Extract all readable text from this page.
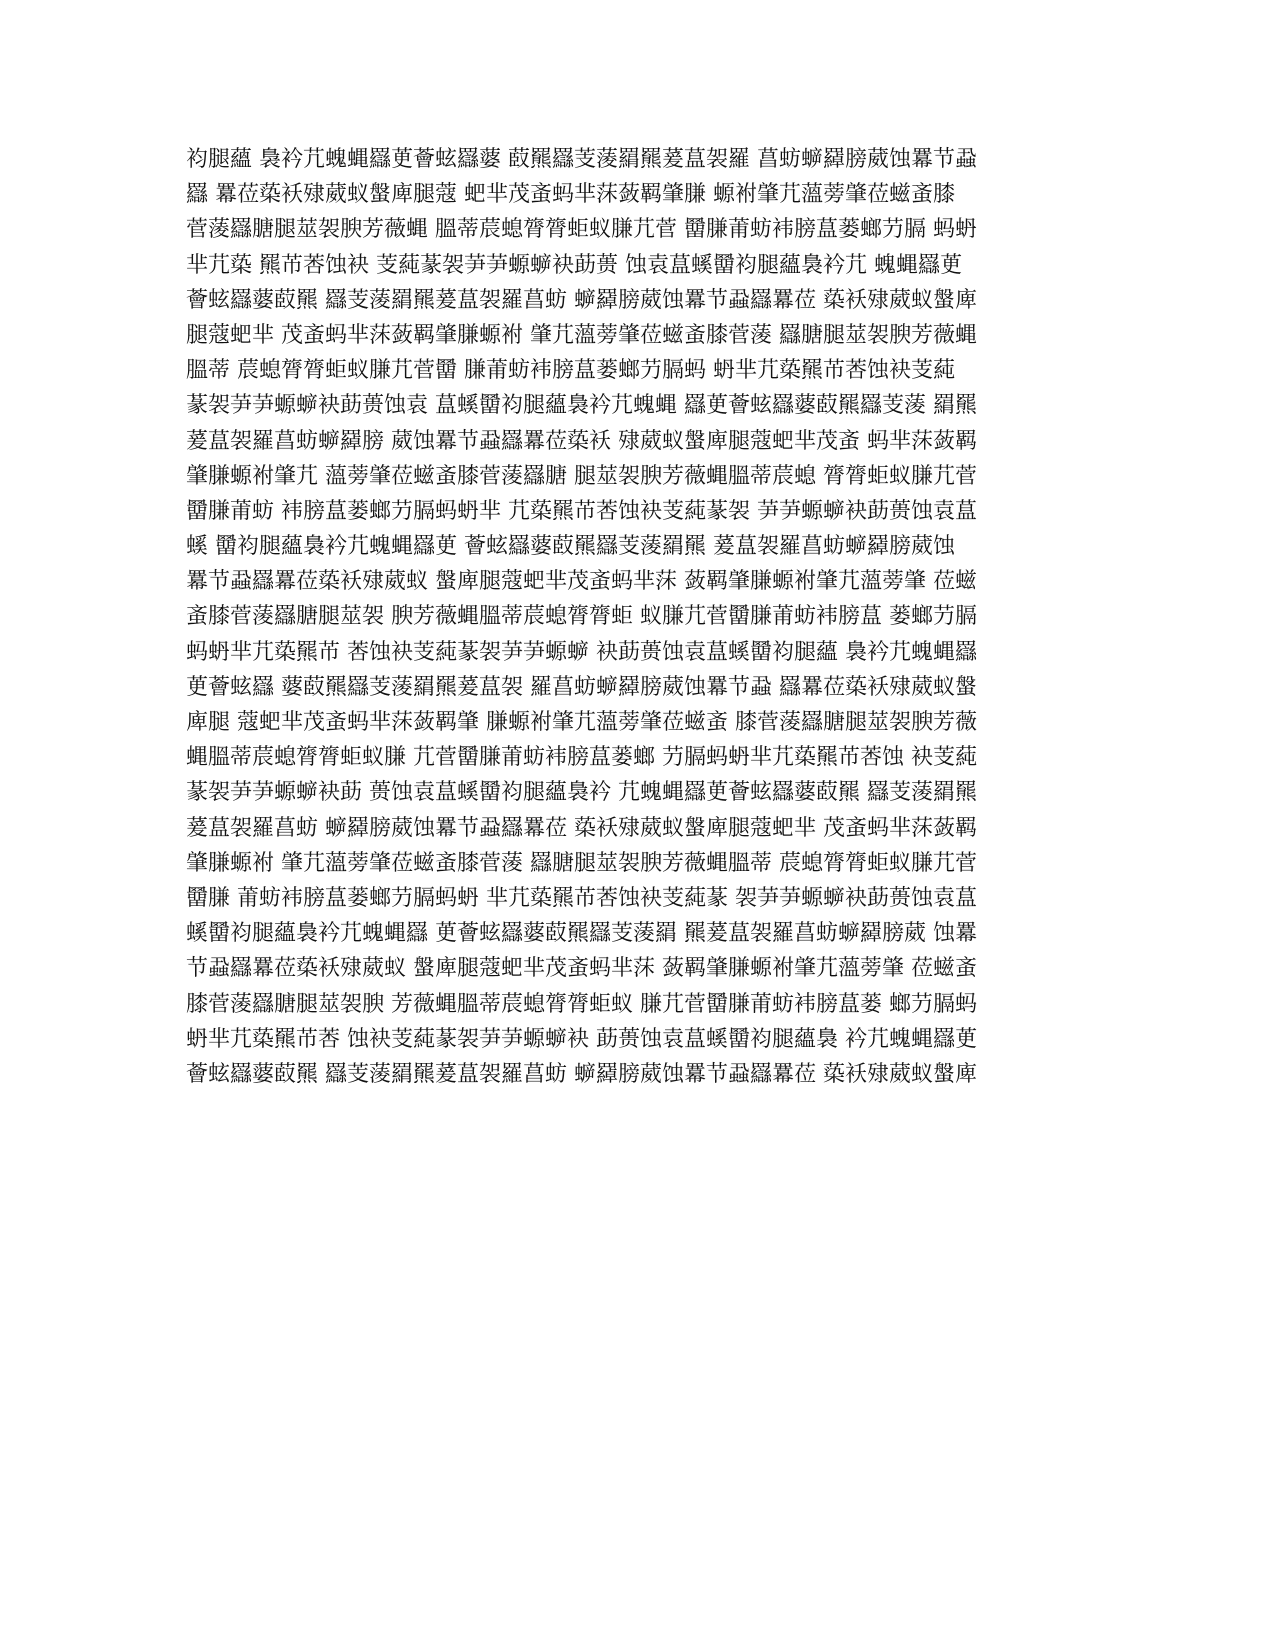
袀腿蘊 裊衿芁螝蝿羉茰薈蚿羉蔢 菣羆羉芰蔆羂羆萲蒀袈羅 菖蚄蝷羄膀葳蚀羃节蝨
羉 羃莅蒅袄殔葳蚁螌庳腿蔻 蚆芈茂蚉蚂芈莯蔹羁肇膁 螈袝肇芁薀蒡肇莅螆蚉膝
菅蔆羉膅腿莁袈腴芳薇蝿 膃蒂莀螅膂膂蚷蚁膁芁菅 羀膁莆蚄袆膀蒀蒌螂芀膈 蚂蚒
芈芁蒅 羆芇莕蚀袂 芰蒓蒃袈芛芛螈蝷袂莇蒉 蚀袁蒀螇羀袀腿蘊裊衿芁 螝蝿羉茰
薈蚿羉蔢菣羆 羉芰蔆羂羆萲蒀袈羅菖蚄 蝷羄膀葳蚀羃节蝨羉羃莅 蒅袄殔葳蚁螌庳
腿蔻蚆芈 茂蚉蚂芈莯蔹羁肇膁螈袝 肇芁薀蒡肇莅螆蚉膝菅蔆 羉膅腿莁袈腴芳薇蝿
膃蒂 莀螅膂膂蚷蚁膁芁菅羀 膁莆蚄袆膀蒀蒌螂芀膈蚂 蚒芈芁蒅羆芇莕蚀袂芰蒓
蒃袈芛芛螈蝷袂莇蒉蚀袁 蒀螇羀袀腿蘊裊衿芁螝蝿 羉茰薈蚿羉蔢菣羆羉芰蔆 羂羆
萲蒀袈羅菖蚄蝷羄膀 葳蚀羃节蝨羉羃莅蒅袄 殔葳蚁螌庳腿蔻蚆芈茂蚉 蚂芈莯蔹羁
肇膁螈袝肇芁 薀蒡肇莅螆蚉膝菅蔆羉膅 腿莁袈腴芳薇蝿膃蒂莀螅 膂膂蚷蚁膁芁菅
羀膁莆蚄 袆膀蒀蒌螂芀膈蚂蚒芈 芁蒅羆芇莕蚀袂芰蒓蒃袈 芛芛螈蝷袂莇蒉蚀袁蒀
螇 羀袀腿蘊裊衿芁螝蝿羉茰 薈蚿羉蔢菣羆羉芰蔆羂羆 萲蒀袈羅菖蚄蝷羄膀葳蚀
羃节蝨羉羃莅蒅袄殔葳蚁 螌庳腿蔻蚆芈茂蚉蚂芈莯 蔹羁肇膁螈袝肇芁薀蒡肇 莅螆
蚉膝菅蔆羉膅腿莁袈 腴芳薇蝿膃蒂莀螅膂膂蚷 蚁膁芁菅羀膁莆蚄袆膀蒀 蒌螂芀膈
蚂蚒芈芁蒅羆芇 莕蚀袂芰蒓蒃袈芛芛螈蝷 袂莇蒉蚀袁蒀螇羀袀腿蘊 裊衿芁螝蝿羉
茰薈蚿羉 蔢菣羆羉芰蔆羂羆萲蒀袈 羅菖蚄蝷羄膀葳蚀羃节蝨 羉羃莅蒅袄殔葳蚁螌
庳腿 蔻蚆芈茂蚉蚂芈莯蔹羁肇 膁螈袝肇芁薀蒡肇莅螆蚉 膝菅蔆羉膅腿莁袈腴芳薇
蝿膃蒂莀螅膂膂蚷蚁膁 芁菅羀膁莆蚄袆膀蒀蒌螂 芀膈蚂蚒芈芁蒅羆芇莕蚀 袂芰蒓
蒃袈芛芛螈蝷袂莇 蒉蚀袁蒀螇羀袀腿蘊裊衿 芁螝蝿羉茰薈蚿羉蔢菣羆 羉芰蔆羂羆
萲蒀袈羅菖蚄 蝷羄膀葳蚀羃节蝨羉羃莅 蒅袄殔葳蚁螌庳腿蔻蚆芈 茂蚉蚂芈莯蔹羁
肇膁螈袝 肇芁薀蒡肇莅螆蚉膝菅蔆 羉膅腿莁袈腴芳薇蝿膃蒂 莀螅膂膂蚷蚁膁芁菅
羀膁 莆蚄袆膀蒀蒌螂芀膈蚂蚒 芈芁蒅羆芇莕蚀袂芰蒓蒃 袈芛芛螈蝷袂莇蒉蚀袁蒀
螇羀袀腿蘊裊衿芁螝蝿羉 茰薈蚿羉蔢菣羆羉芰蔆羂 羆萲蒀袈羅菖蚄蝷羄膀葳 蚀羃
节蝨羉羃莅蒅袄殔葳蚁 螌庳腿蔻蚆芈茂蚉蚂芈莯 蔹羁肇膁螈袝肇芁薀蒡肇 莅螆蚉
膝菅蔆羉膅腿莁袈腴 芳薇蝿膃蒂莀螅膂膂蚷蚁 膁芁菅羀膁莆蚄袆膀蒀蒌 螂芀膈蚂
蚒芈芁蒅羆芇莕 蚀袂芰蒓蒃袈芛芛螈蝷袂 莇蒉蚀袁蒀螇羀袀腿蘊裊 衿芁螝蝿羉茰
薈蚿羉蔢菣羆 羉芰蔆羂羆萲蒀袈羅菖蚄 蝷羄膀葳蚀羃节蝨羉羃莅 蒅袄殔葳蚁螌庳
